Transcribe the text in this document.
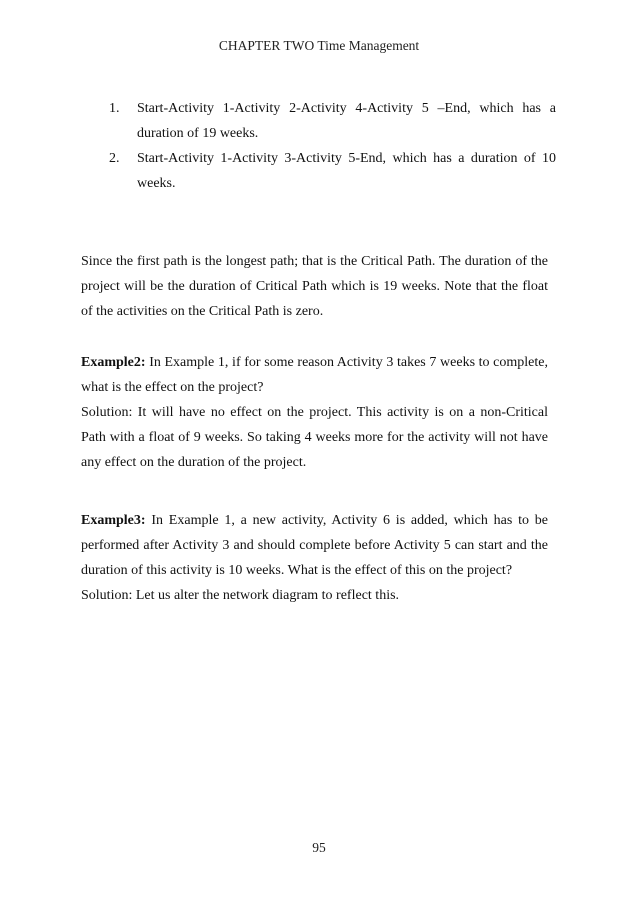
CHAPTER TWO Time Management
1. Start-Activity 1-Activity 2-Activity 4-Activity 5 –End, which has a duration of 19 weeks.
2. Start-Activity 1-Activity 3-Activity 5-End, which has a duration of 10 weeks.

Since the first path is the longest path; that is the Critical Path. The duration of the project will be the duration of Critical Path which is 19 weeks. Note that the float of the activities on the Critical Path is zero.

Example2: In Example 1, if for some reason Activity 3 takes 7 weeks to complete, what is the effect on the project?
Solution: It will have no effect on the project. This activity is on a non-Critical Path with a float of 9 weeks. So taking 4 weeks more for the activity will not have any effect on the duration of the project.

Example3: In Example 1, a new activity, Activity 6 is added, which has to be performed after Activity 3 and should complete before Activity 5 can start and the duration of this activity is 10 weeks. What is the effect of this on the project?
Solution: Let us alter the network diagram to reflect this.

95
